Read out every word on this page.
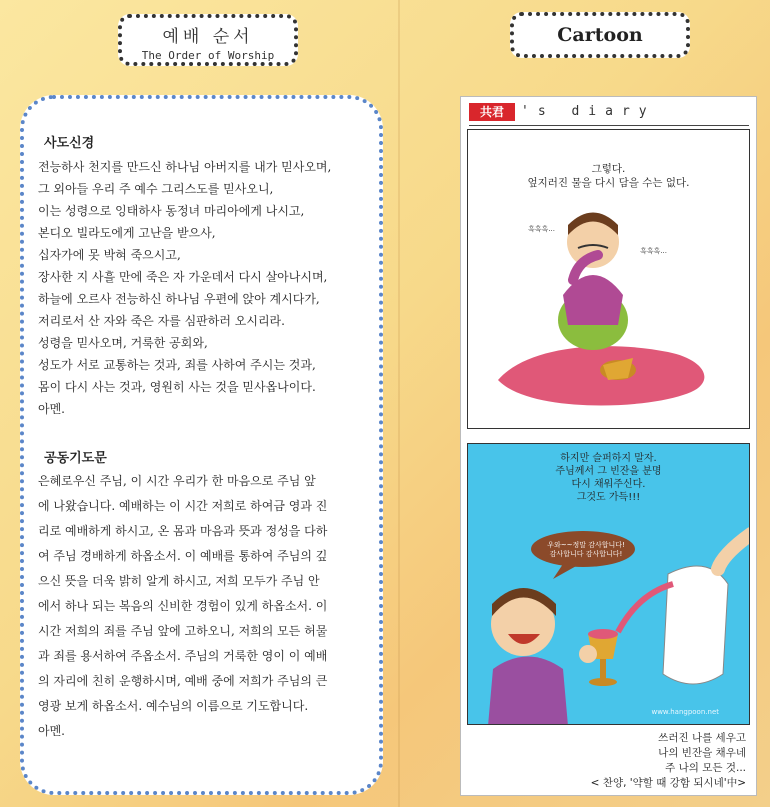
예배 순서
The Order of Worship
Cartoon
사도신경
전능하사 천지를 만드신 하나님 아버지를 내가 믿사오며,
그 외아들 우리 주 예수 그리스도를 믿사오니,
이는 성령으로 잉태하사 동정녀 마리아에게 나시고,
본디오 빌라도에게 고난을 받으사,
십자가에 못 박혀 죽으시고,
장사한 지 사흘 만에 죽은 자 가운데서 다시 살아나시며,
하늘에 오르사 전능하신 하나님 우편에 앉아 계시다가,
저리로서 산 자와 죽은 자를 심판하러 오시리라.
성령을 믿사오며, 거룩한 공회와,
성도가 서로 교통하는 것과, 죄를 사하여 주시는 것과,
몸이 다시 사는 것과, 영원히 사는 것을 믿사옵나이다.
아멘.
공동기도문
은혜로우신 주님, 이 시간 우리가 한 마음으로 주님 앞
에 나왔습니다. 예배하는 이 시간 저희로 하여금 영과 진
리로 예배하게 하시고, 온 몸과 마음과 뜻과 정성을 다하
여 주님 경배하게 하옵소서. 이 예배를 통하여 주님의 깊
으신 뜻을 더욱 밝히 알게 하시고, 저희 모두가 주님 안
에서 하나 되는 복음의 신비한 경험이 있게 하옵소서. 이
시간 저희의 죄를 주님 앞에 고하오니, 저희의 모든 허물
과 죄를 용서하여 주옵소서. 주님의 거룩한 영이 이 예배
의 자리에 친히 운행하시며, 예배 중에 저희가 주님의 큰
영광 보게 하옵소서. 예수님의 이름으로 기도합니다.
아멘.
共君	's diary
그렇다.
엎지러진 물을 다시 담을 수는 없다.
흑흑흑...
흑흑흑...
하지만 슬퍼하지 말자.
주님께서 그 빈잔을 분명
다시 채워주신다.
그것도 가득!!!
우와~~정말 감사합니다!
감사합니다 감사합니다!
www.hangpoon.net
쓰러진 나를 세우고
나의 빈잔을 채우네
주 나의 모든 것...
< 찬양, '약할 때 강함 되시네'中>
